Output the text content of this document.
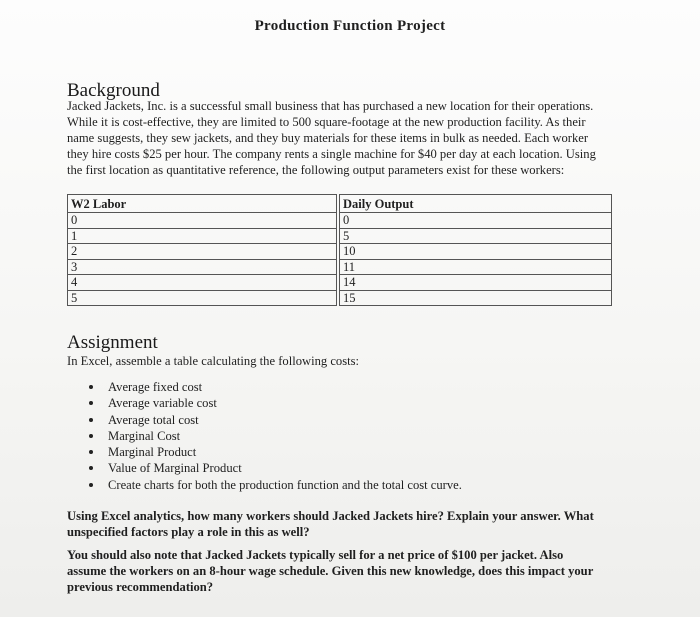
Production Function Project
Background
Jacked Jackets, Inc. is a successful small business that has purchased a new location for their operations.
While it is cost-effective, they are limited to 500 square-footage at the new production facility. As their
name suggests, they sew jackets, and they buy materials for these items in bulk as needed. Each worker
they hire costs $25 per hour. The company rents a single machine for $40 per day at each location. Using
the first location as quantitative reference, the following output parameters exist for these workers:
W2 Labor		Daily Output
0		0
1		5
2		10
3		11
4		14
5		15
Assignment
In Excel, assemble a table calculating the following costs:
Average fixed cost
Average variable cost
Average total cost
Marginal Cost
Marginal Product
Value of Marginal Product
Create charts for both the production function and the total cost curve.
Using Excel analytics, how many workers should Jacked Jackets hire? Explain your answer. What
unspecified factors play a role in this as well?
You should also note that Jacked Jackets typically sell for a net price of $100 per jacket. Also
assume the workers on an 8-hour wage schedule. Given this new knowledge, does this impact your
previous recommendation?
